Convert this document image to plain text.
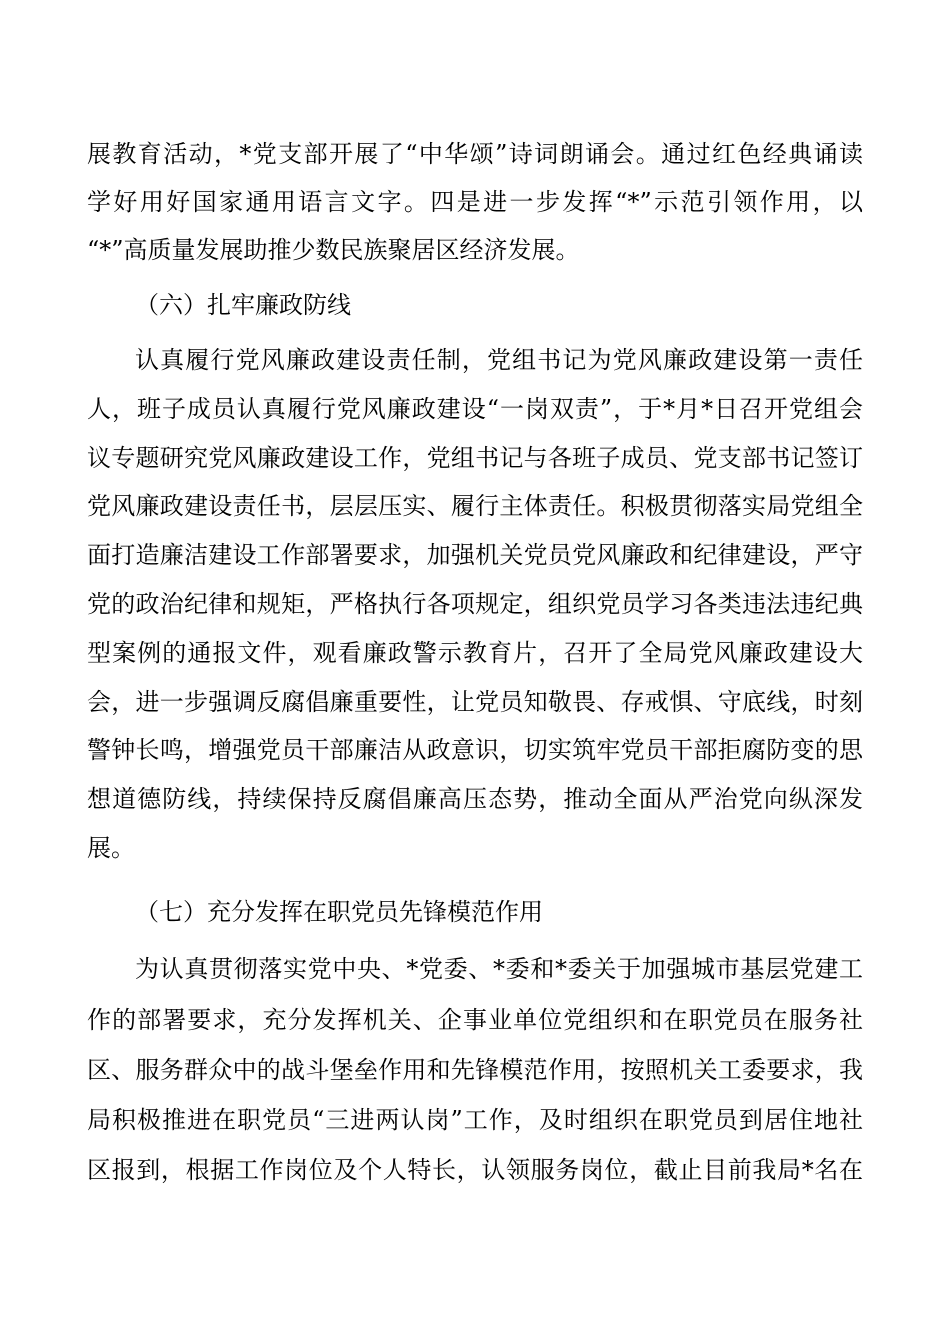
展教育活动，*党支部开展了“中华颂”诗词朗诵会。通过红色经典诵读
学好用好国家通用语言文字。四是进一步发挥“*”示范引领作用，以
“*”高质量发展助推少数民族聚居区经济发展。
（六）扎牢廉政防线
认真履行党风廉政建设责任制，党组书记为党风廉政建设第一责任
人，班子成员认真履行党风廉政建设“一岗双责”，于*月*日召开党组会
议专题研究党风廉政建设工作，党组书记与各班子成员、党支部书记签订
党风廉政建设责任书，层层压实、履行主体责任。积极贯彻落实局党组全
面打造廉洁建设工作部署要求，加强机关党员党风廉政和纪律建设，严守
党的政治纪律和规矩，严格执行各项规定，组织党员学习各类违法违纪典
型案例的通报文件，观看廉政警示教育片，召开了全局党风廉政建设大
会，进一步强调反腐倡廉重要性，让党员知敬畏、存戒惧、守底线，时刻
警钟长鸣，增强党员干部廉洁从政意识，切实筑牢党员干部拒腐防变的思
想道德防线，持续保持反腐倡廉高压态势，推动全面从严治党向纵深发
展。
（七）充分发挥在职党员先锋模范作用
为认真贯彻落实党中央、*党委、*委和*委关于加强城市基层党建工
作的部署要求，充分发挥机关、企事业单位党组织和在职党员在服务社
区、服务群众中的战斗堡垒作用和先锋模范作用，按照机关工委要求，我
局积极推进在职党员“三进两认岗”工作，及时组织在职党员到居住地社
区报到，根据工作岗位及个人特长，认领服务岗位，截止目前我局*名在
